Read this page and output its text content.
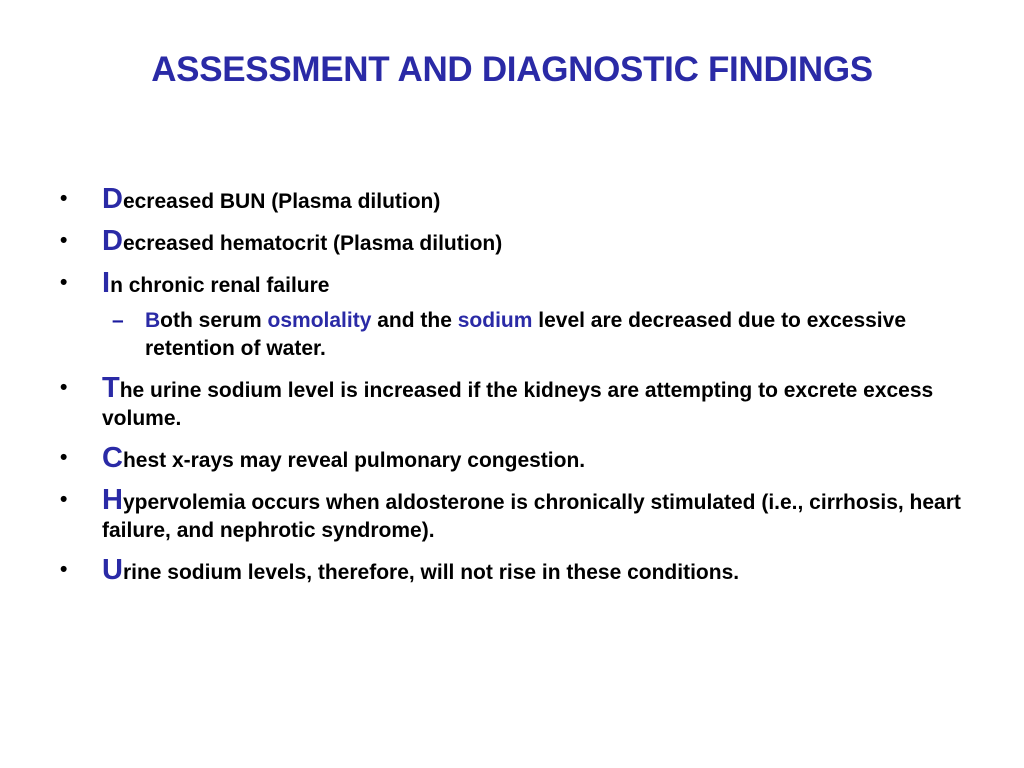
ASSESSMENT AND DIAGNOSTIC FINDINGS
• Decreased BUN (Plasma dilution)
• Decreased hematocrit (Plasma dilution)
• In chronic renal failure
– Both serum osmolality and the sodium level are decreased due to excessive retention of water.
• The urine sodium level is increased if the kidneys are attempting to excrete excess volume.
• Chest x-rays may reveal pulmonary congestion.
• Hypervolemia occurs when aldosterone is chronically stimulated (i.e., cirrhosis, heart failure, and nephrotic syndrome).
• Urine sodium levels, therefore, will not rise in these conditions.
